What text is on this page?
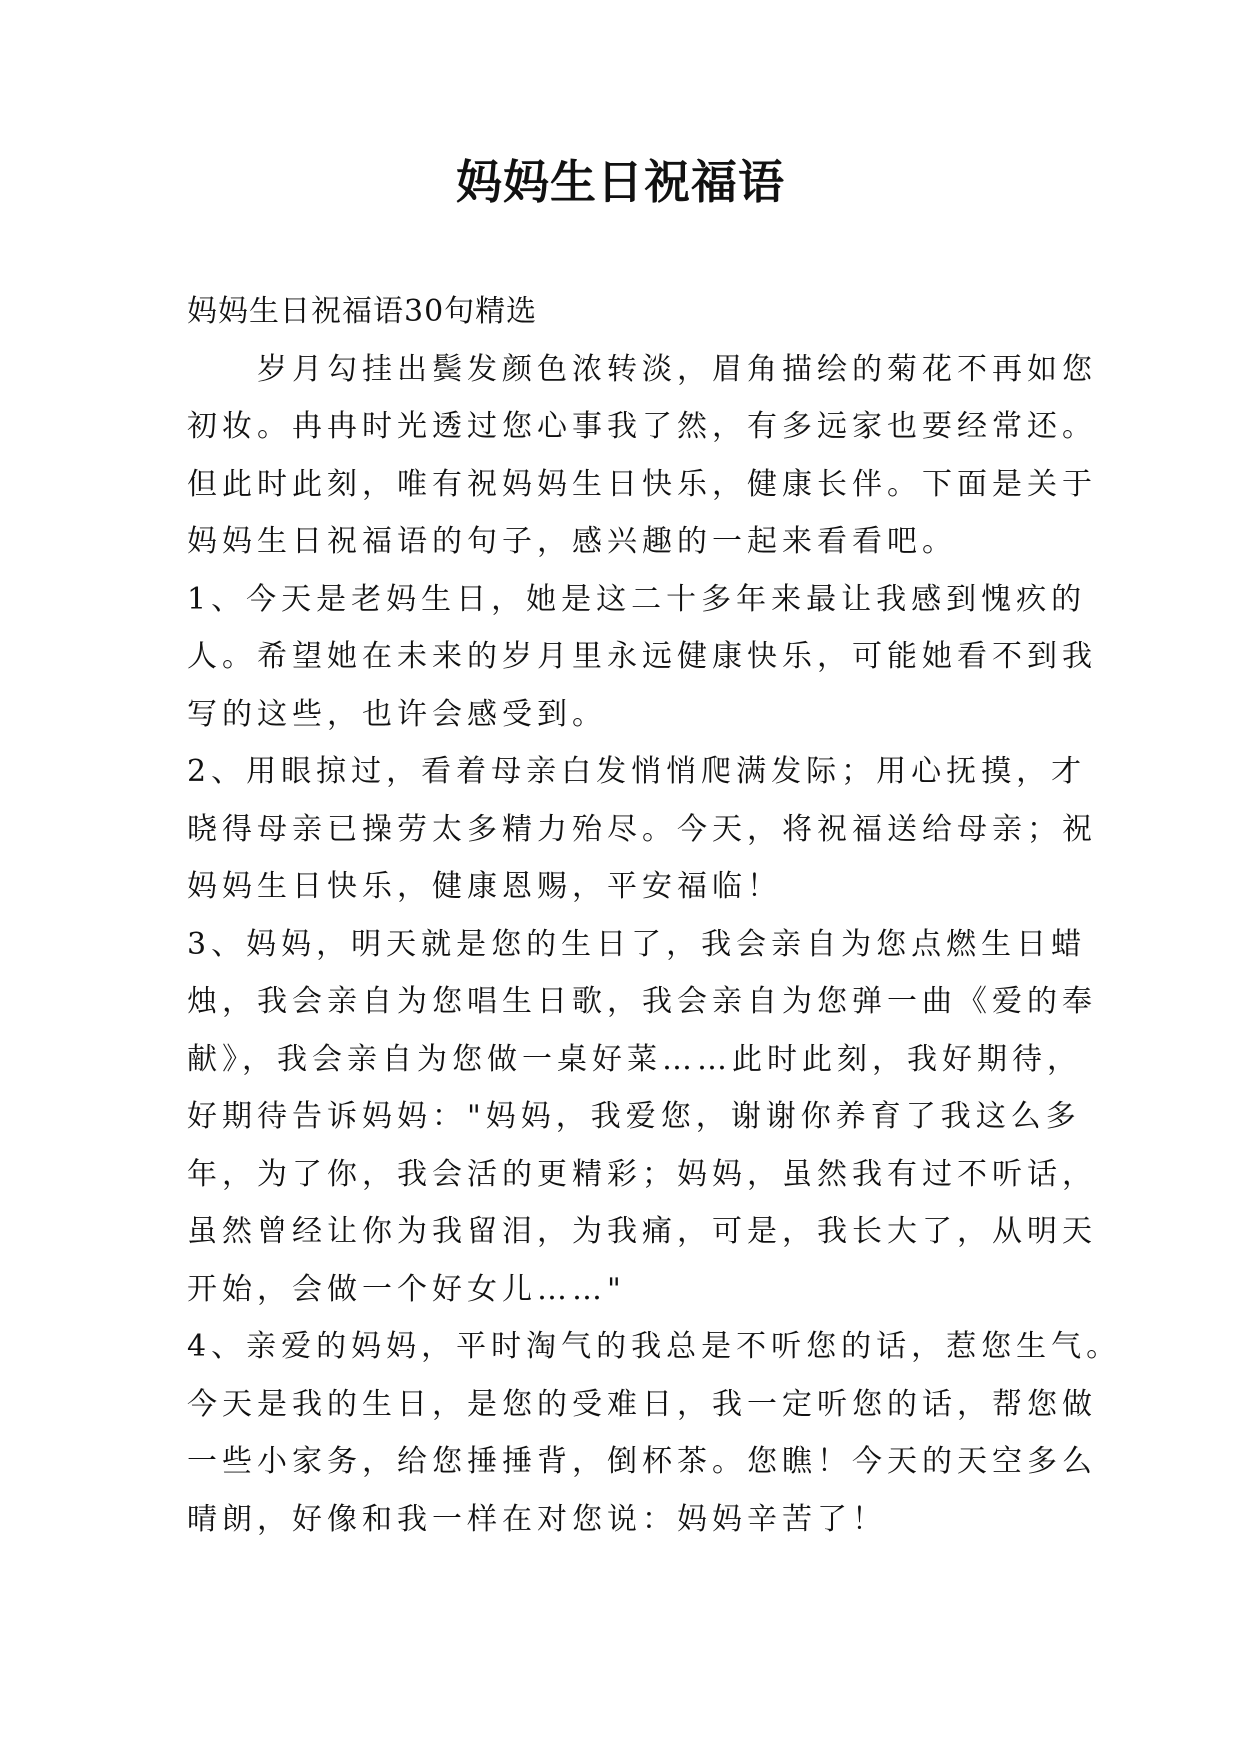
妈妈生日祝福语
妈妈生日祝福语30句精选
　　岁月勾挂出鬓发颜色浓转淡，眉角描绘的菊花不再如您
初妆。冉冉时光透过您心事我了然，有多远家也要经常还。
但此时此刻，唯有祝妈妈生日快乐，健康长伴。下面是关于
妈妈生日祝福语的句子，感兴趣的一起来看看吧。
1、今天是老妈生日，她是这二十多年来最让我感到愧疚的
人。希望她在未来的岁月里永远健康快乐，可能她看不到我
写的这些，也许会感受到。
2、用眼掠过，看着母亲白发悄悄爬满发际；用心抚摸，才
晓得母亲已操劳太多精力殆尽。今天，将祝福送给母亲；祝
妈妈生日快乐，健康恩赐，平安福临！
3、妈妈，明天就是您的生日了，我会亲自为您点燃生日蜡
烛，我会亲自为您唱生日歌，我会亲自为您弹一曲《爱的奉
献》，我会亲自为您做一桌好菜……此时此刻，我好期待，
好期待告诉妈妈："妈妈，我爱您，谢谢你养育了我这么多
年，为了你，我会活的更精彩；妈妈，虽然我有过不听话，
虽然曾经让你为我留泪，为我痛，可是，我长大了，从明天
开始，会做一个好女儿……"
4、亲爱的妈妈，平时淘气的我总是不听您的话，惹您生气。
今天是我的生日，是您的受难日，我一定听您的话，帮您做
一些小家务，给您捶捶背，倒杯茶。您瞧！今天的天空多么
晴朗，好像和我一样在对您说：妈妈辛苦了！
